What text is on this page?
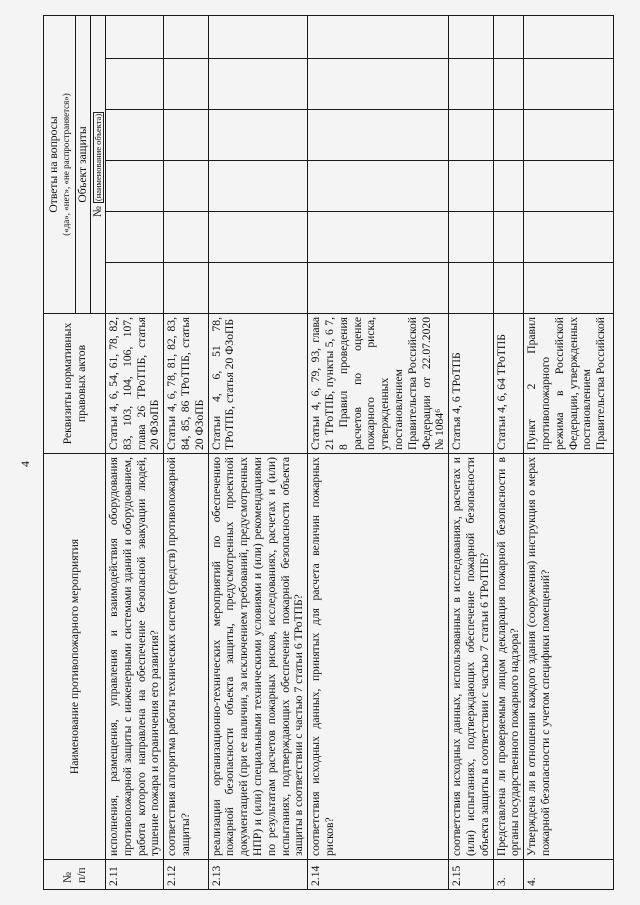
4
№ п/п	Наименование противопожарного мероприятия	Реквизиты нормативных правовых актов	Ответы на вопросы
(«да», «нет», «не распространяется»)					
			Объект защиты					
			№ (наименование объекта)					
2.11	исполнения, размещения, управления и взаимодействия оборудования противопожарной защиты с инженерными системами зданий и оборудованием, работа которого направлена на обеспечение безопасной эвакуации людей, тушение пожара и ограничения его развития?	Статьи 4, 6, 54, 61, 78, 82, 83, 103, 104, 106, 107, глава 26 ТРоТПБ, статья 20 ФЗоПБ						
2.12	соответствия алгоритма работы технических систем (средств) противопожарной защиты?	Статьи 4, 6, 78, 81, 82, 83, 84, 85, 86 ТРоТПБ, статья 20 ФЗоПБ						
2.13	реализации организационно-технических мероприятий по обеспечению пожарной безопасности объекта защиты, предусмотренных проектной документацией (при ее наличии, за исключением требований, предусмотренных НПР) и (или) специальными техническими условиями и (или) рекомендациями по результатам расчетов пожарных рисков, исследованиях, расчетах и (или) испытаниях, подтверждающих обеспечение пожарной безопасности объекта защиты в соответствии с частью 7 статьи 6 ТРоТПБ?	Статьи 4, 6, 51 78, ТРоТПБ, статья 20 ФЗоПБ						
2.14	соответствия исходных данных, принятых для расчета величин пожарных рисков?	Статьи 4, 6, 79, 93, глава 21 ТРоТПБ, пункты 5, 6 7, 8 Правил проведения расчетов по оценке пожарного риска, утвержденных постановлением Правительства Российской Федерации от 22.07.2020 № 1084⁶						
2.15	соответствия исходных данных, использованных в исследованиях, расчетах и (или) испытаниях, подтверждающих обеспечение пожарной безопасности объекта защиты в соответствии с частью 7 статьи 6 ТРоТПБ?	Статья 4, 6 ТРоТПБ						
3.	Представлена ли проверяемым лицом декларация пожарной безопасности в органы государственного пожарного надзора?	Статьи 4, 6, 64 ТРоТПБ						
4.	Утверждена ли в отношении каждого здания (сооружения) инструкция о мерах пожарной безопасности с учетом специфики помещений?	Пункт 2 Правил противопожарного режима в Российской Федерации, утвержденных постановлением Правительства Российской						
